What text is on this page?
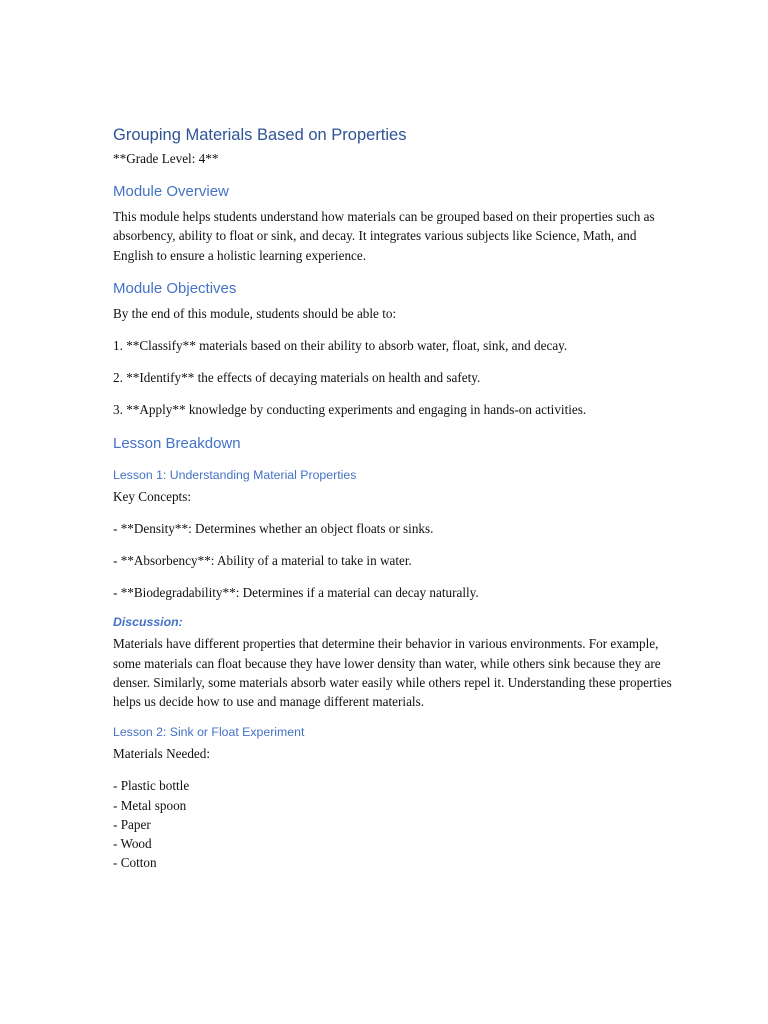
Grouping Materials Based on Properties

**Grade Level: 4**

Module Overview

This module helps students understand how materials can be grouped based on their properties such as absorbency, ability to float or sink, and decay. It integrates various subjects like Science, Math, and English to ensure a holistic learning experience.

Module Objectives

By the end of this module, students should be able to:

1. **Classify** materials based on their ability to absorb water, float, sink, and decay.

2. **Identify** the effects of decaying materials on health and safety.

3. **Apply** knowledge by conducting experiments and engaging in hands-on activities.

Lesson Breakdown
Lesson 1: Understanding Material Properties

Key Concepts:

- **Density**: Determines whether an object floats or sinks.

- **Absorbency**: Ability of a material to take in water.

- **Biodegradability**: Determines if a material can decay naturally.

Discussion:

Materials have different properties that determine their behavior in various environments. For example, some materials can float because they have lower density than water, while others sink because they are denser. Similarly, some materials absorb water easily while others repel it. Understanding these properties helps us decide how to use and manage different materials.

Lesson 2: Sink or Float Experiment

Materials Needed:

- Plastic bottle

- Metal spoon

- Paper

- Wood

- Cotton
